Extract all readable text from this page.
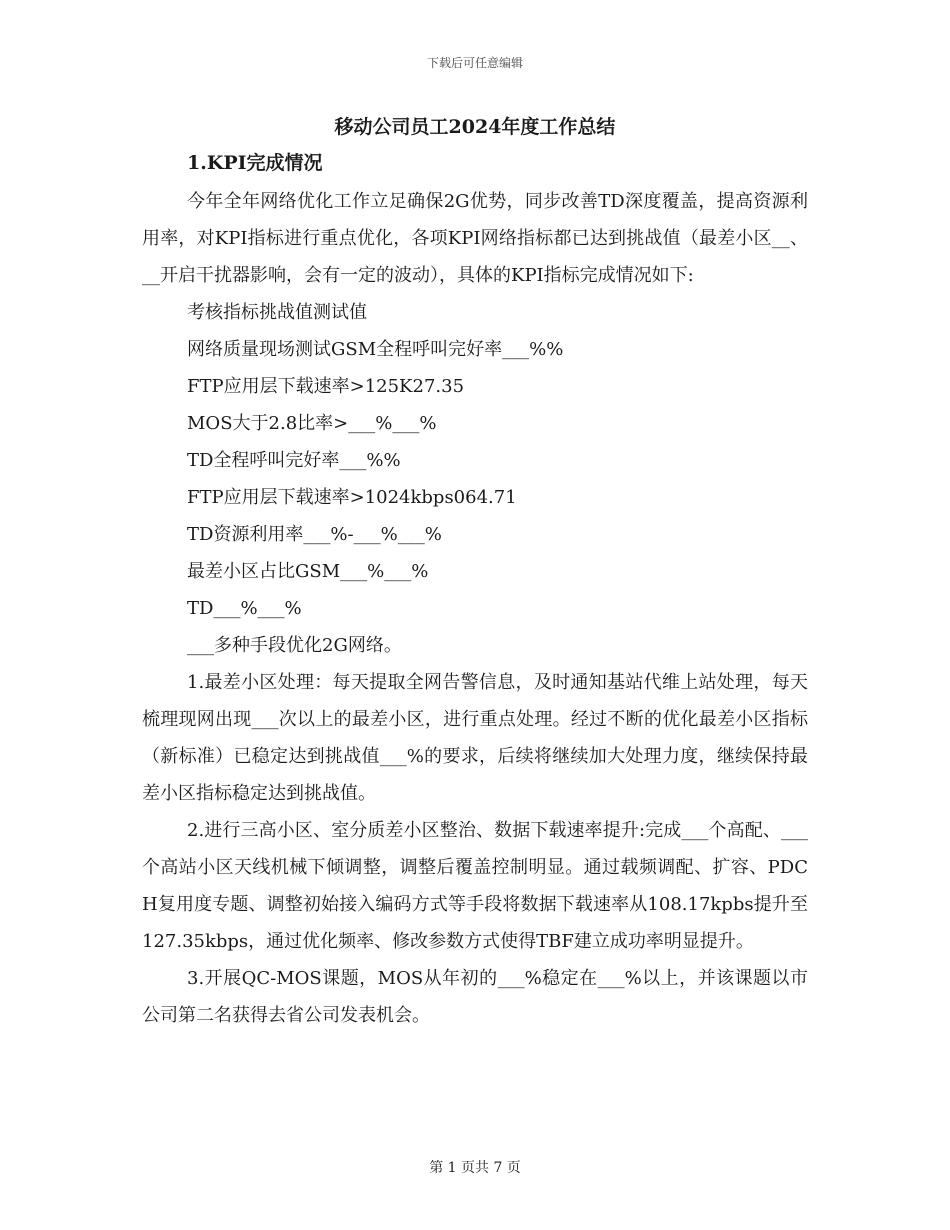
下载后可任意编辑
移动公司员工2024年度工作总结
1.KPI完成情况

今年全年网络优化工作立足确保2G优势，同步改善TD深度覆盖，提高资源利用率，对KPI指标进行重点优化，各项KPI网络指标都已达到挑战值（最差小区__、__开启干扰器影响，会有一定的波动），具体的KPI指标完成情况如下:

考核指标挑战值测试值

网络质量现场测试GSM全程呼叫完好率___%%

FTP应用层下载速率>125K27.35

MOS大于2.8比率>___%___%

TD全程呼叫完好率___%%

FTP应用层下载速率>1024kbps064.71

TD资源利用率___%-___%___%

最差小区占比GSM___%___%

TD___%___%

___多种手段优化2G网络。

1.最差小区处理：每天提取全网告警信息，及时通知基站代维上站处理，每天梳理现网出现___次以上的最差小区，进行重点处理。经过不断的优化最差小区指标（新标准）已稳定达到挑战值___%的要求，后续将继续加大处理力度，继续保持最差小区指标稳定达到挑战值。

2.进行三高小区、室分质差小区整治、数据下载速率提升:完成___个高配、___个高站小区天线机械下倾调整，调整后覆盖控制明显。通过载频调配、扩容、PDCH复用度专题、调整初始接入编码方式等手段将数据下载速率从108.17kpbs提升至127.35kbps，通过优化频率、修改参数方式使得TBF建立成功率明显提升。

3.开展QC-MOS课题，MOS从年初的___%稳定在___%以上，并该课题以市公司第二名获得去省公司发表机会。

第 1 页共 7 页
